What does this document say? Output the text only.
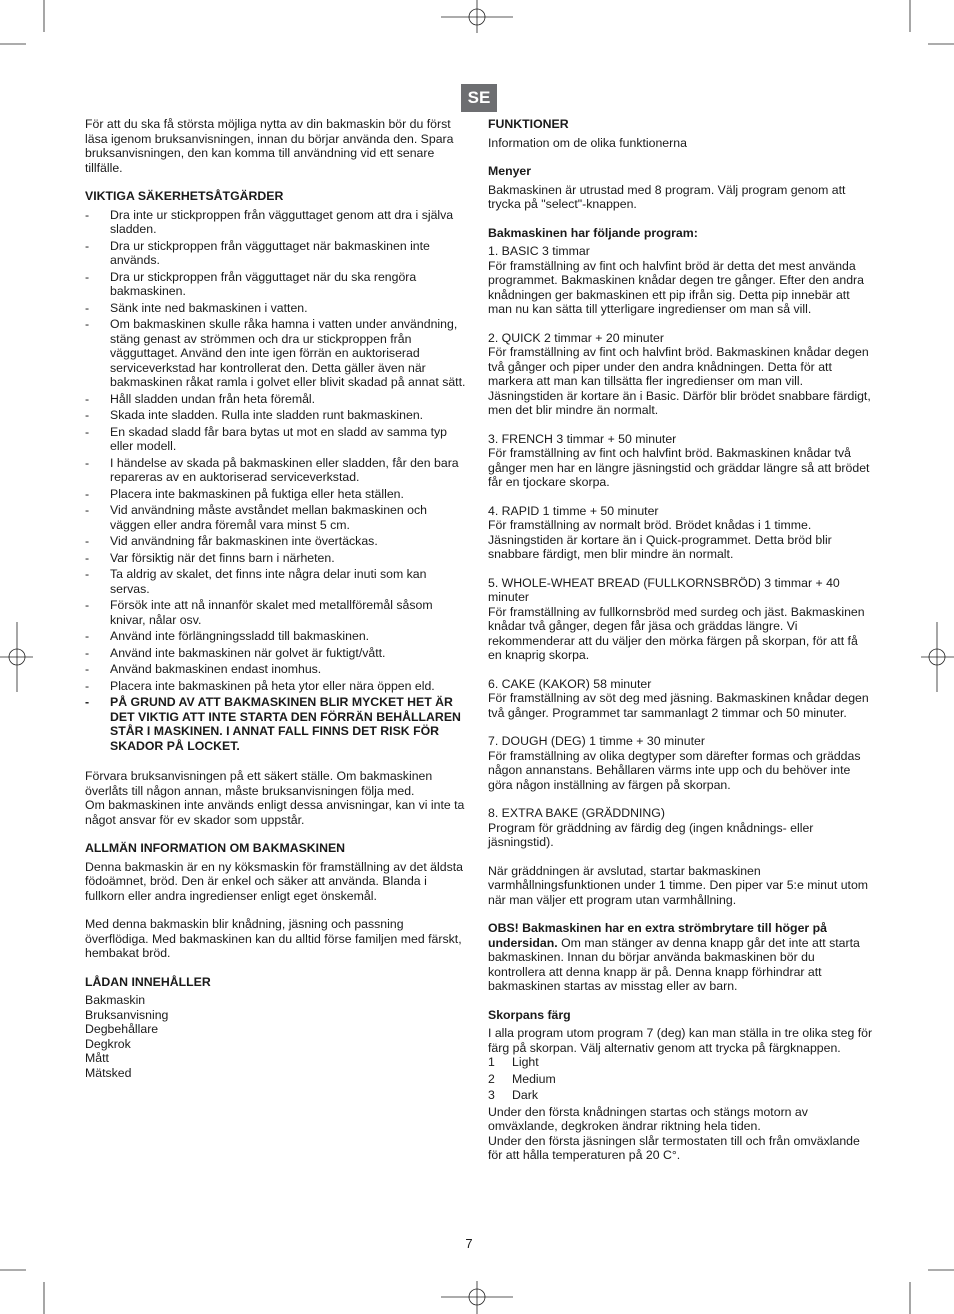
SE

För att du ska få största möjliga nytta av din bakmaskin bör du först läsa igenom bruksanvisningen, innan du börjar använda den. Spara bruksanvisningen, den kan komma till användning vid ett senare tillfälle.

VIKTIGA SÄKERHETSÅTGÄRDER

- Dra inte ur stickproppen från vägguttaget genom att dra i själva sladden.
- Dra ur stickproppen från vägguttaget när bakmaskinen inte används.
- Dra ur stickproppen från vägguttaget när du ska rengöra bakmaskinen.
- Sänk inte ned bakmaskinen i vatten.
- Om bakmaskinen skulle råka hamna i vatten under användning, stäng genast av strömmen och dra ur stickproppen från vägguttaget. Använd den inte igen förrän en auktoriserad serviceverkstad har kontrollerat den. Detta gäller även när bakmaskinen råkat ramla i golvet eller blivit skadad på annat sätt.
- Håll sladden undan från heta föremål.
- Skada inte sladden. Rulla inte sladden runt bakmaskinen.
- En skadad sladd får bara bytas ut mot en sladd av samma typ eller modell.
- I händelse av skada på bakmaskinen eller sladden, får den bara repareras av en auktoriserad serviceverkstad.
- Placera inte bakmaskinen på fuktiga eller heta ställen.
- Vid användning måste avståndet mellan bakmaskinen och väggen eller andra föremål vara minst 5 cm.
- Vid användning får bakmaskinen inte övertäckas.
- Var försiktig när det finns barn i närheten.
- Ta aldrig av skalet, det finns inte några delar inuti som kan servas.
- Försök inte att nå innanför skalet med metallföremål såsom knivar, nålar osv.
- Använd inte förlängningssladd till bakmaskinen.
- Använd inte bakmaskinen när golvet är fuktigt/vått.
- Använd bakmaskinen endast inomhus.
- Placera inte bakmaskinen på heta ytor eller nära öppen eld.
- PÅ GRUND AV ATT BAKMASKINEN BLIR MYCKET HET ÄR DET VIKTIG ATT INTE STARTA DEN FÖRRÄN BEHÅLLAREN STÅR I MASKINEN. I ANNAT FALL FINNS DET RISK FÖR SKADOR PÅ LOCKET.

Förvara bruksanvisningen på ett säkert ställe. Om bakmaskinen överlåts till någon annan, måste bruksanvisningen följa med.

Om bakmaskinen inte används enligt dessa anvisningar, kan vi inte ta något ansvar för ev skador som uppstår.

ALLMÄN INFORMATION OM BAKMASKINEN

Denna bakmaskin är en ny köksmaskin för framställning av det äldsta födoämnet, bröd. Den är enkel och säker att använda. Blanda i fullkorn eller andra ingredienser enligt eget önskemål.

Med denna bakmaskin blir knådning, jäsning och passning överflödiga. Med bakmaskinen kan du alltid förse familjen med färskt, hembakat bröd.

LÅDAN INNEHÅLLER

Bakmaskin

Bruksanvisning

Degbehållare

Degkrok

Mått

Mätsked

FUNKTIONER

Information om de olika funktionerna

Menyer

Bakmaskinen är utrustad med 8 program. Välj program genom att trycka på "select"-knappen.

Bakmaskinen har följande program:

1. BASIC 3 timmar

För framställning av fint och halvfint bröd är detta det mest använda programmet. Bakmaskinen knådar degen tre gånger. Efter den andra knådningen ger bakmaskinen ett pip ifrån sig. Detta pip innebär att man nu kan sätta till ytterligare ingredienser om man så vill.

2. QUICK 2 timmar + 20 minuter

För framställning av fint och halvfint bröd. Bakmaskinen knådar degen två gånger och piper under den andra knådningen. Detta för att markera att man kan tillsätta fler ingredienser om man vill. Jäsningstiden är kortare än i Basic. Därför blir brödet snabbare färdigt, men det blir mindre än normalt.

3. FRENCH 3 timmar + 50 minuter

För framställning av fint och halvfint bröd. Bakmaskinen knådar två gånger men har en längre jäsningstid och gräddar längre så att brödet får en tjockare skorpa.

4. RAPID 1 timme + 50 minuter

För framställning av normalt bröd. Brödet knådas i 1 timme. Jäsningstiden är kortare än i Quick-programmet. Detta bröd blir snabbare färdigt, men blir mindre än normalt.

5. WHOLE-WHEAT BREAD (FULLKORNSBRÖD) 3 timmar + 40 minuter

För framställning av fullkornsbröd med surdeg och jäst. Bakmaskinen knådar två gånger, degen får jäsa och gräddas längre. Vi rekommenderar att du väljer den mörka färgen på skorpan, för att få en knaprig skorpa.

6. CAKE (KAKOR) 58 minuter

För framställning av söt deg med jäsning. Bakmaskinen knådar degen två gånger. Programmet tar sammanlagt 2 timmar och 50 minuter.

7. DOUGH (DEG) 1 timme + 30 minuter

För framställning av olika degtyper som därefter formas och gräddas någon annanstans. Behållaren värms inte upp och du behöver inte göra någon inställning av färgen på skorpan.

8. EXTRA BAKE (GRÄDDNING)

Program för gräddning av färdig deg (ingen knådnings- eller jäsningstid).

När gräddningen är avslutad, startar bakmaskinen varmhållningsfunktionen under 1 timme. Den piper var 5:e minut utom när man väljer ett program utan varmhållning.

OBS! Bakmaskinen har en extra strömbrytare till höger på undersidan. Om man stänger av denna knapp går det inte att starta bakmaskinen. Innan du börjar använda bakmaskinen bör du kontrollera att denna knapp är på. Denna knapp förhindrar att bakmaskinen startas av misstag eller av barn.

Skorpans färg

I alla program utom program 7 (deg) kan man ställa in tre olika steg för färg på skorpan. Välj alternativ genom att trycka på färgknappen.

1	Light
2	Medium
3	Dark

Under den första knådningen startas och stängs motorn av omväxlande, degkroken ändrar riktning hela tiden.

Under den första jäsningen slår termostaten till och från omväxlande för att hålla temperaturen på 20 C°.

7
